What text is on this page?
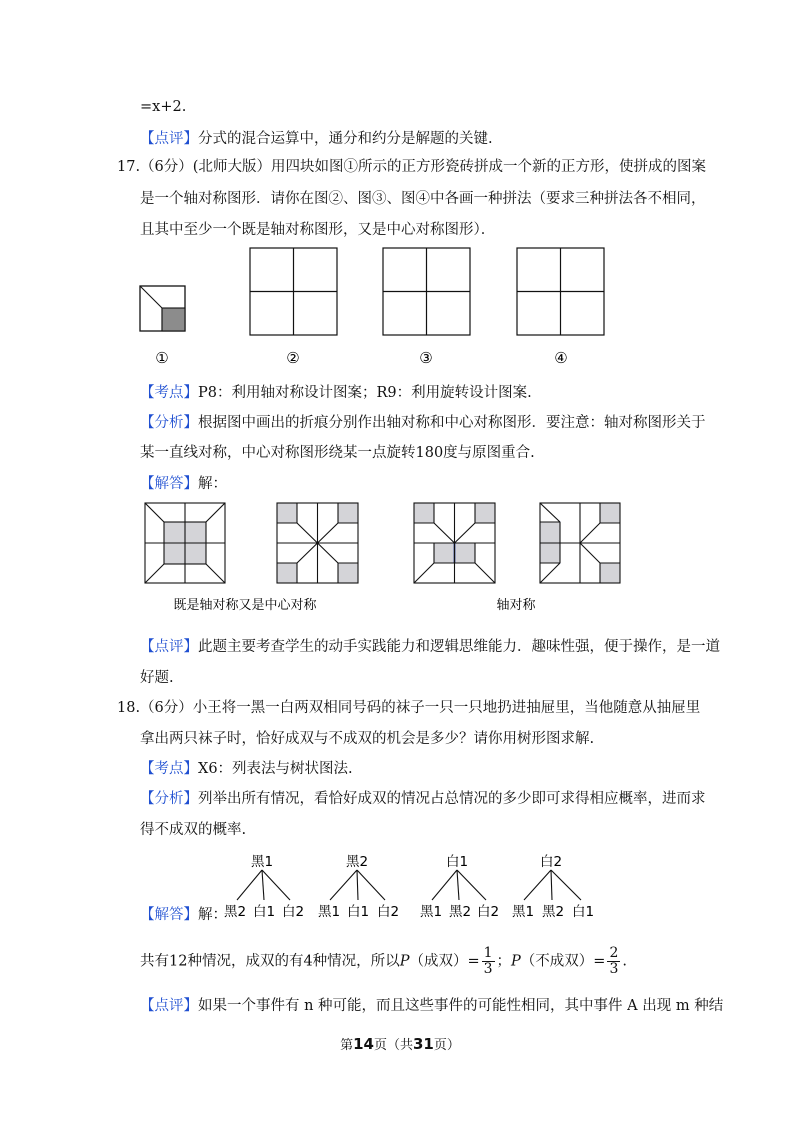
=x+2.
【点评】分式的混合运算中，通分和约分是解题的关键.
17.（6分）(北师大版）用四块如图①所示的正方形瓷砖拼成一个新的正方形，使拼成的图案
是一个轴对称图形．请你在图②、图③、图④中各画一种拼法（要求三种拼法各不相同，
且其中至少一个既是轴对称图形，又是中心对称图形）．
①	②	③	④
【考点】P8：利用轴对称设计图案；R9：利用旋转设计图案.
【分析】根据图中画出的折痕分别作出轴对称和中心对称图形．要注意：轴对称图形关于
某一直线对称，中心对称图形绕某一点旋转180度与原图重合.
【解答】解：
既是轴对称又是中心对称	轴对称
【点评】此题主要考查学生的动手实践能力和逻辑思维能力．趣味性强，便于操作，是一道
好题.
18.（6分）小王将一黑一白两双相同号码的袜子一只一只地扔进抽屉里，当他随意从抽屉里
拿出两只袜子时，恰好成双与不成双的机会是多少？请你用树形图求解.
【考点】X6：列表法与树状图法.
【分析】列举出所有情况，看恰好成双的情况占总情况的多少即可求得相应概率，进而求
得不成双的概率.
黑1	黑2	白1	白2
黑2 白1 白2 黑1 白1 白2 黑1 黑2 白2 黑1 黑2 白1
【解答】解：
共有12种情况，成双的有4种情况，所以P（成双）= $\frac{1}{3}$ ；P（不成双）= $\frac{2}{3}$ .
【点评】如果一个事件有 n 种可能，而且这些事件的可能性相同，其中事件 A 出现 m 种结
第14页（共31页）
